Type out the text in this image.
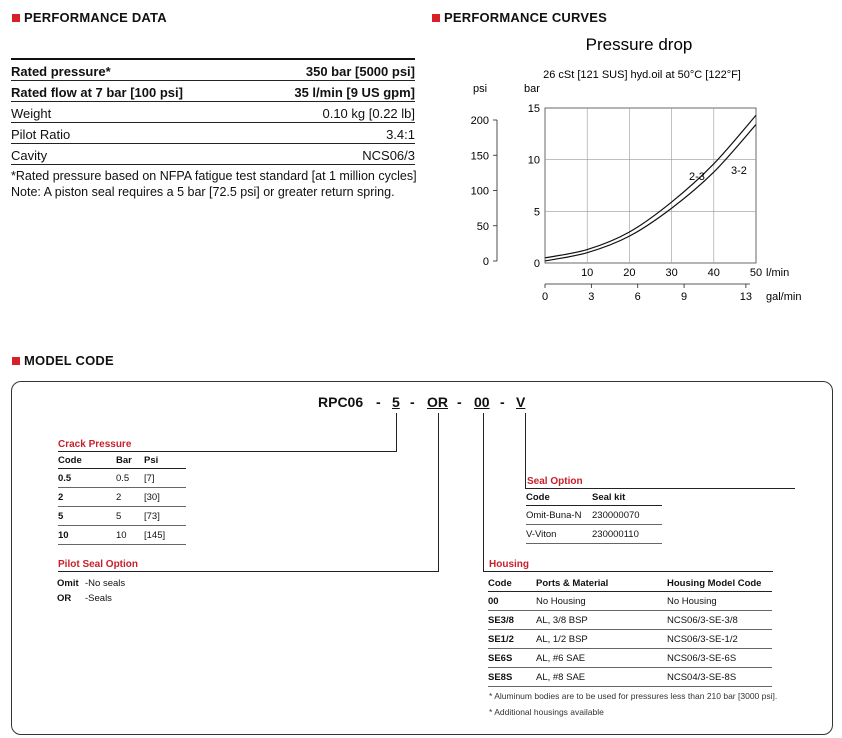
PERFORMANCE DATA
Rated pressure*	350 bar [5000 psi]
Rated flow at 7 bar [100 psi]	35 l/min [9 US gpm]
Weight	0.10 kg [0.22 lb]
Pilot Ratio	3.4:1
Cavity	NCS06/3
*Rated pressure based on NFPA fatigue test standard [at 1 million cycles]
Note: A piston seal requires a 5 bar [72.5 psi] or greater return spring.
PERFORMANCE CURVES
Pressure drop
26 cSt [121 SUS] hyd.oil at 50°C [122°F]
psi	bar
15
10
5
0
200
150
100
50
0
10	20	30	40	50 l/min
0	3	6	9	13 gal/min
2-3 3-2
MODEL CODE
RPC06 - 5 - OR - 00 - V
Crack Pressure
Code	Bar	Psi
0.5	0.5	[7]
2	2	[30]
5	5	[73]
10	10	[145]
Pilot Seal Option
Omit -No seals
OR	-Seals
Seal Option
Code	Seal kit
Omit-Buna-N	230000070
V-Viton	230000110
Housing
Code	Ports & Material	Housing Model Code
00	No Housing	No Housing
SE3/8	AL, 3/8 BSP	NCS06/3-SE-3/8
SE1/2	AL, 1/2 BSP	NCS06/3-SE-1/2
SE6S	AL, #6 SAE	NCS06/3-SE-6S
SE8S	AL, #8 SAE	NCS04/3-SE-8S
* Aluminum bodies are to be used for pressures less than 210 bar [3000 psi].
* Additional housings available
